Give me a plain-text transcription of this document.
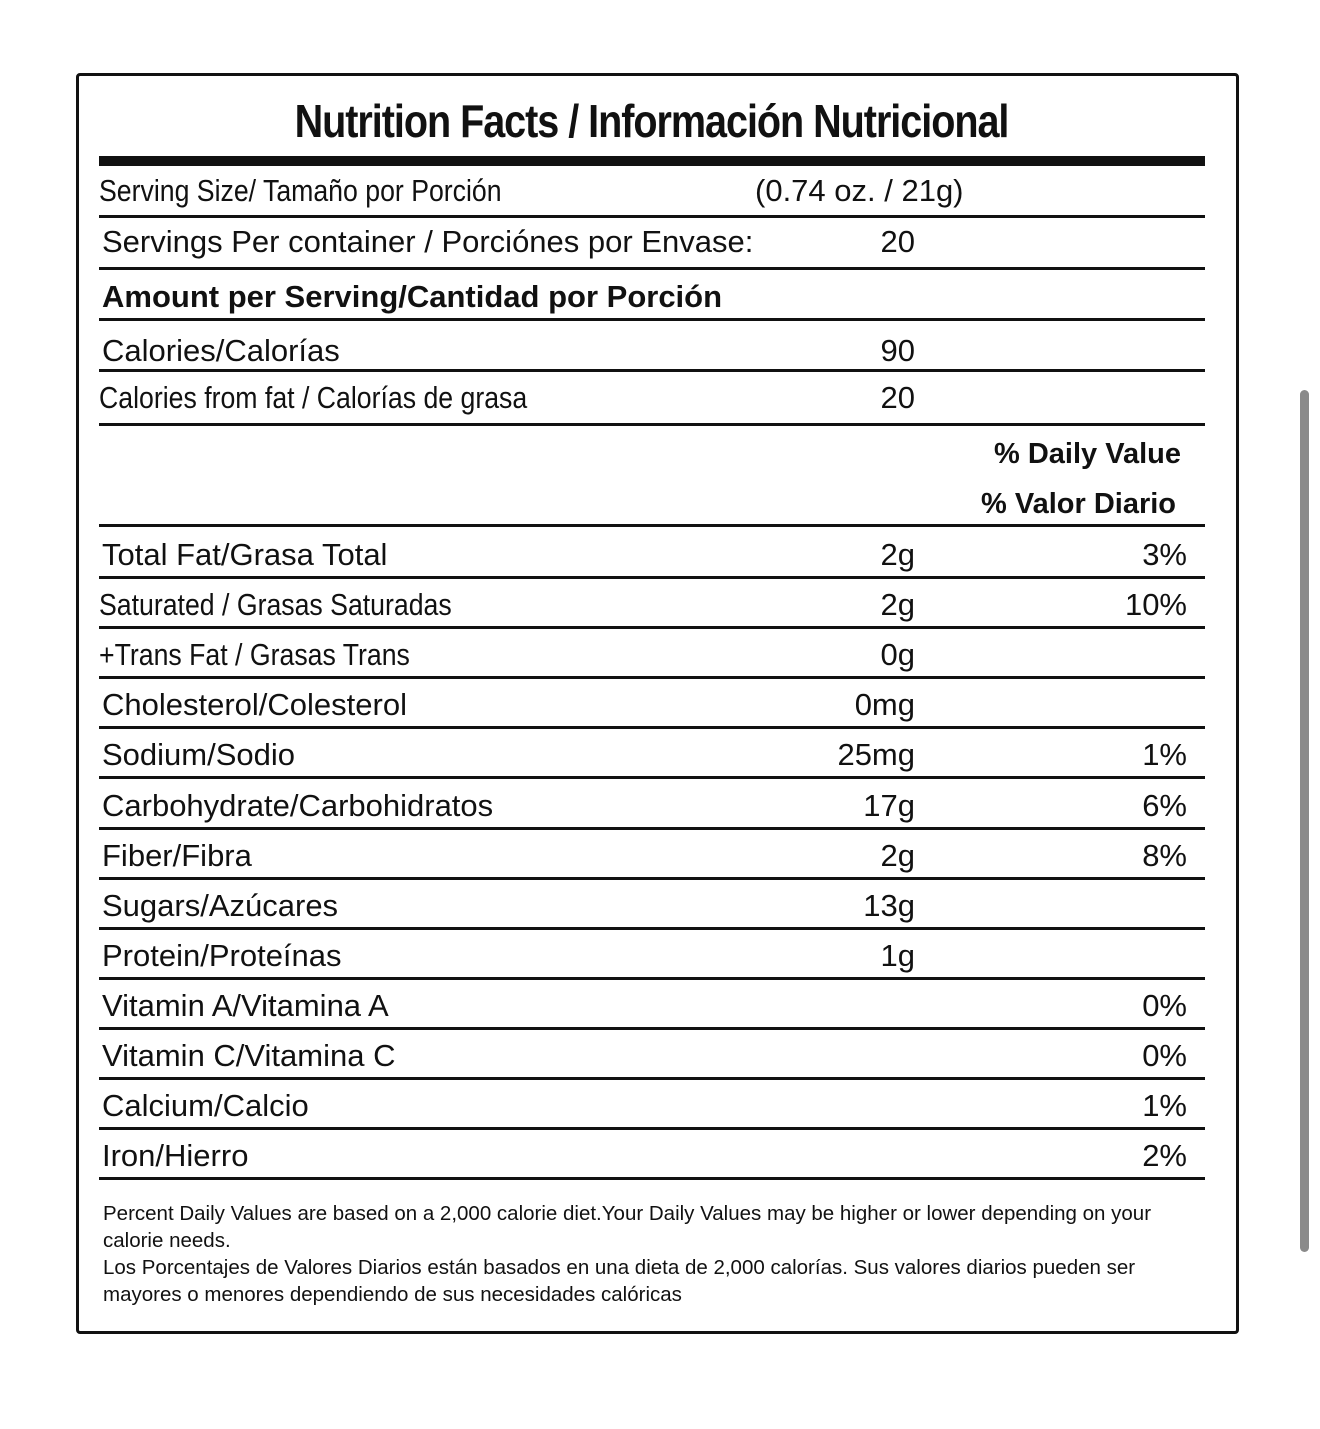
Nutrition Facts / Información Nutricional
Serving Size/ Tamaño por Porción	(0.74 oz. / 21g)
Servings Per container / Porciónes por Envase:	20
Amount per Serving/Cantidad por Porción
Calories/Calorías	90
Calories from fat / Calorías de grasa	20
% Daily Value
% Valor Diario
Total Fat/Grasa Total	2g	3%
Saturated / Grasas Saturadas	2g	10%
+Trans Fat / Grasas Trans	0g
Cholesterol/Colesterol	0mg
Sodium/Sodio	25mg	1%
Carbohydrate/Carbohidratos	17g	6%
Fiber/Fibra	2g	8%
Sugars/Azúcares	13g
Protein/Proteínas	1g
Vitamin A/Vitamina A	0%
Vitamin C/Vitamina C	0%
Calcium/Calcio	1%
Iron/Hierro	2%

Percent Daily Values are based on a 2,000 calorie diet.Your Daily Values may be higher or lower depending on your calorie needs.

Los Porcentajes de Valores Diarios están basados en una dieta de 2,000 calorías. Sus valores diarios pueden ser mayores o menores dependiendo de sus necesidades calóricas
